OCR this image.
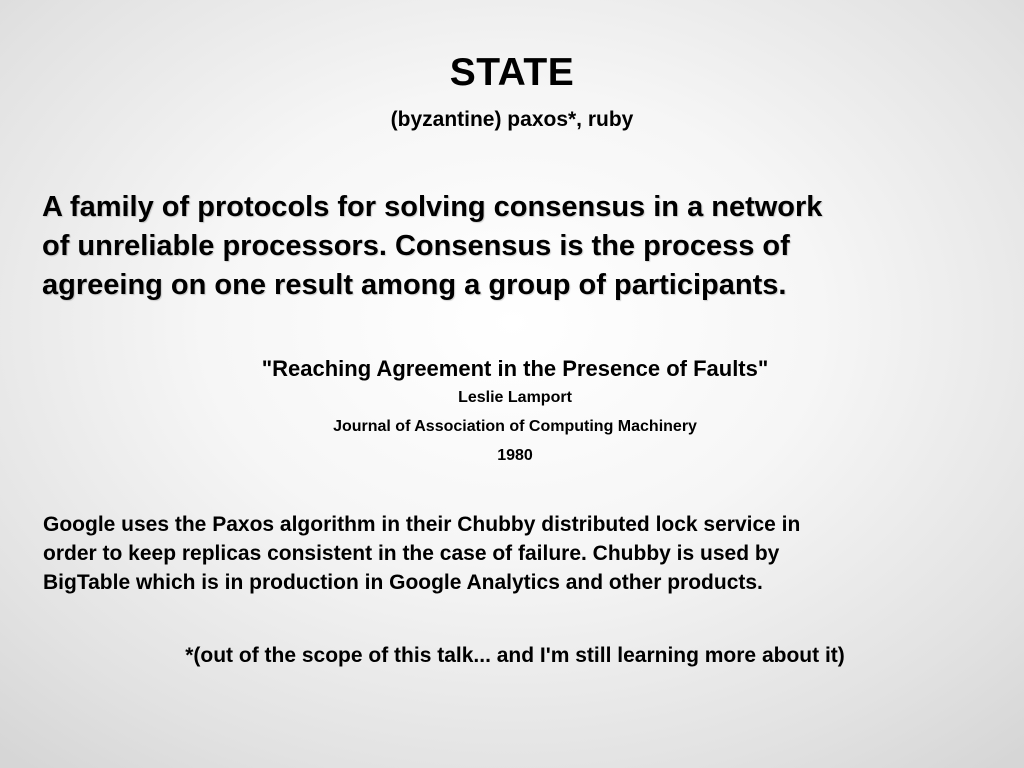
STATE
(byzantine) paxos*, ruby
A family of protocols for solving consensus in a network
of unreliable processors. Consensus is the process of
agreeing on one result among a group of participants.
"Reaching Agreement in the Presence of Faults"
Leslie Lamport
Journal of Association of Computing Machinery
1980
Google uses the Paxos algorithm in their Chubby distributed lock service in
order to keep replicas consistent in the case of failure. Chubby is used by
BigTable which is in production in Google Analytics and other products.
*(out of the scope of this talk... and I'm still learning more about it)
